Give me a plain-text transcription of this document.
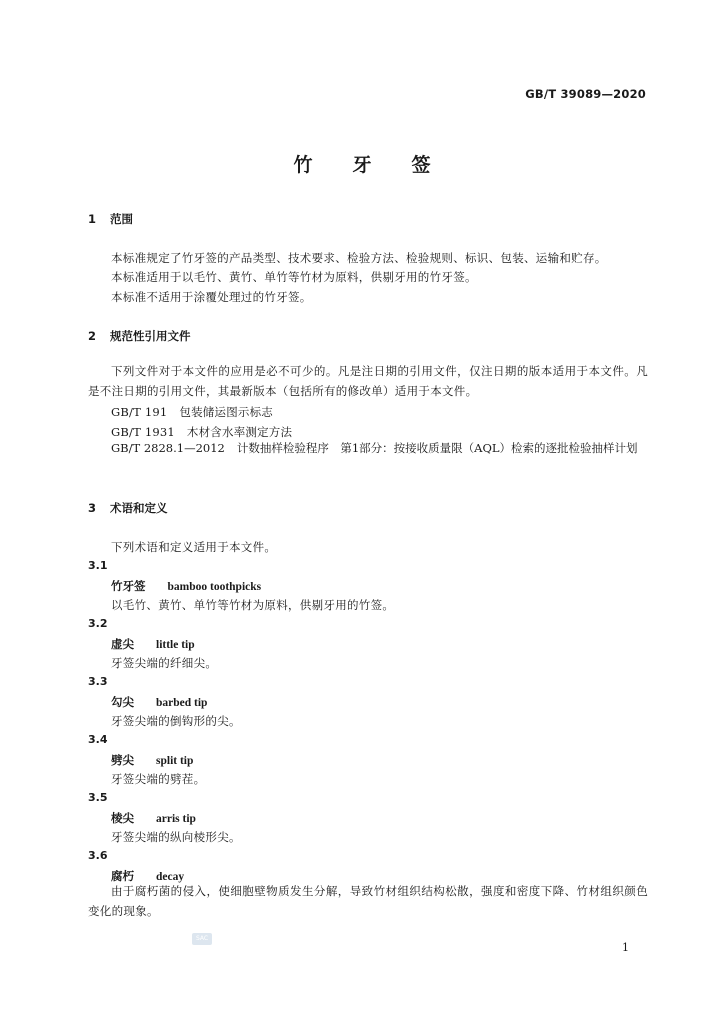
GB/T 39089—2020
竹牙签
1 范围
本标准规定了竹牙签的产品类型、技术要求、检验方法、检验规则、标识、包装、运输和贮存。
本标准适用于以毛竹、黄竹、单竹等竹材为原料，供剔牙用的竹牙签。
本标准不适用于涂覆处理过的竹牙签。
2 规范性引用文件
下列文件对于本文件的应用是必不可少的。凡是注日期的引用文件，仅注日期的版本适用于本文件。凡是不注日期的引用文件，其最新版本（包括所有的修改单）适用于本文件。
GB/T 191 包装储运图示标志
GB/T 1931 木材含水率测定方法
GB/T 2828.1—2012 计数抽样检验程序　第1部分：按接收质量限（AQL）检索的逐批检验抽样计划
3 术语和定义
下列术语和定义适用于本文件。
3.1
竹牙签 bamboo toothpicks
以毛竹、黄竹、单竹等竹材为原料，供剔牙用的竹签。
3.2
虚尖 little tip
牙签尖端的纤细尖。
3.3
勾尖 barbed tip
牙签尖端的倒钩形的尖。
3.4
劈尖 split tip
牙签尖端的劈茬。
3.5
棱尖 arris tip
牙签尖端的纵向棱形尖。
3.6
腐朽 decay
由于腐朽菌的侵入，使细胞壁物质发生分解，导致竹材组织结构松散，强度和密度下降、竹材组织颜色变化的现象。
SAC
1
